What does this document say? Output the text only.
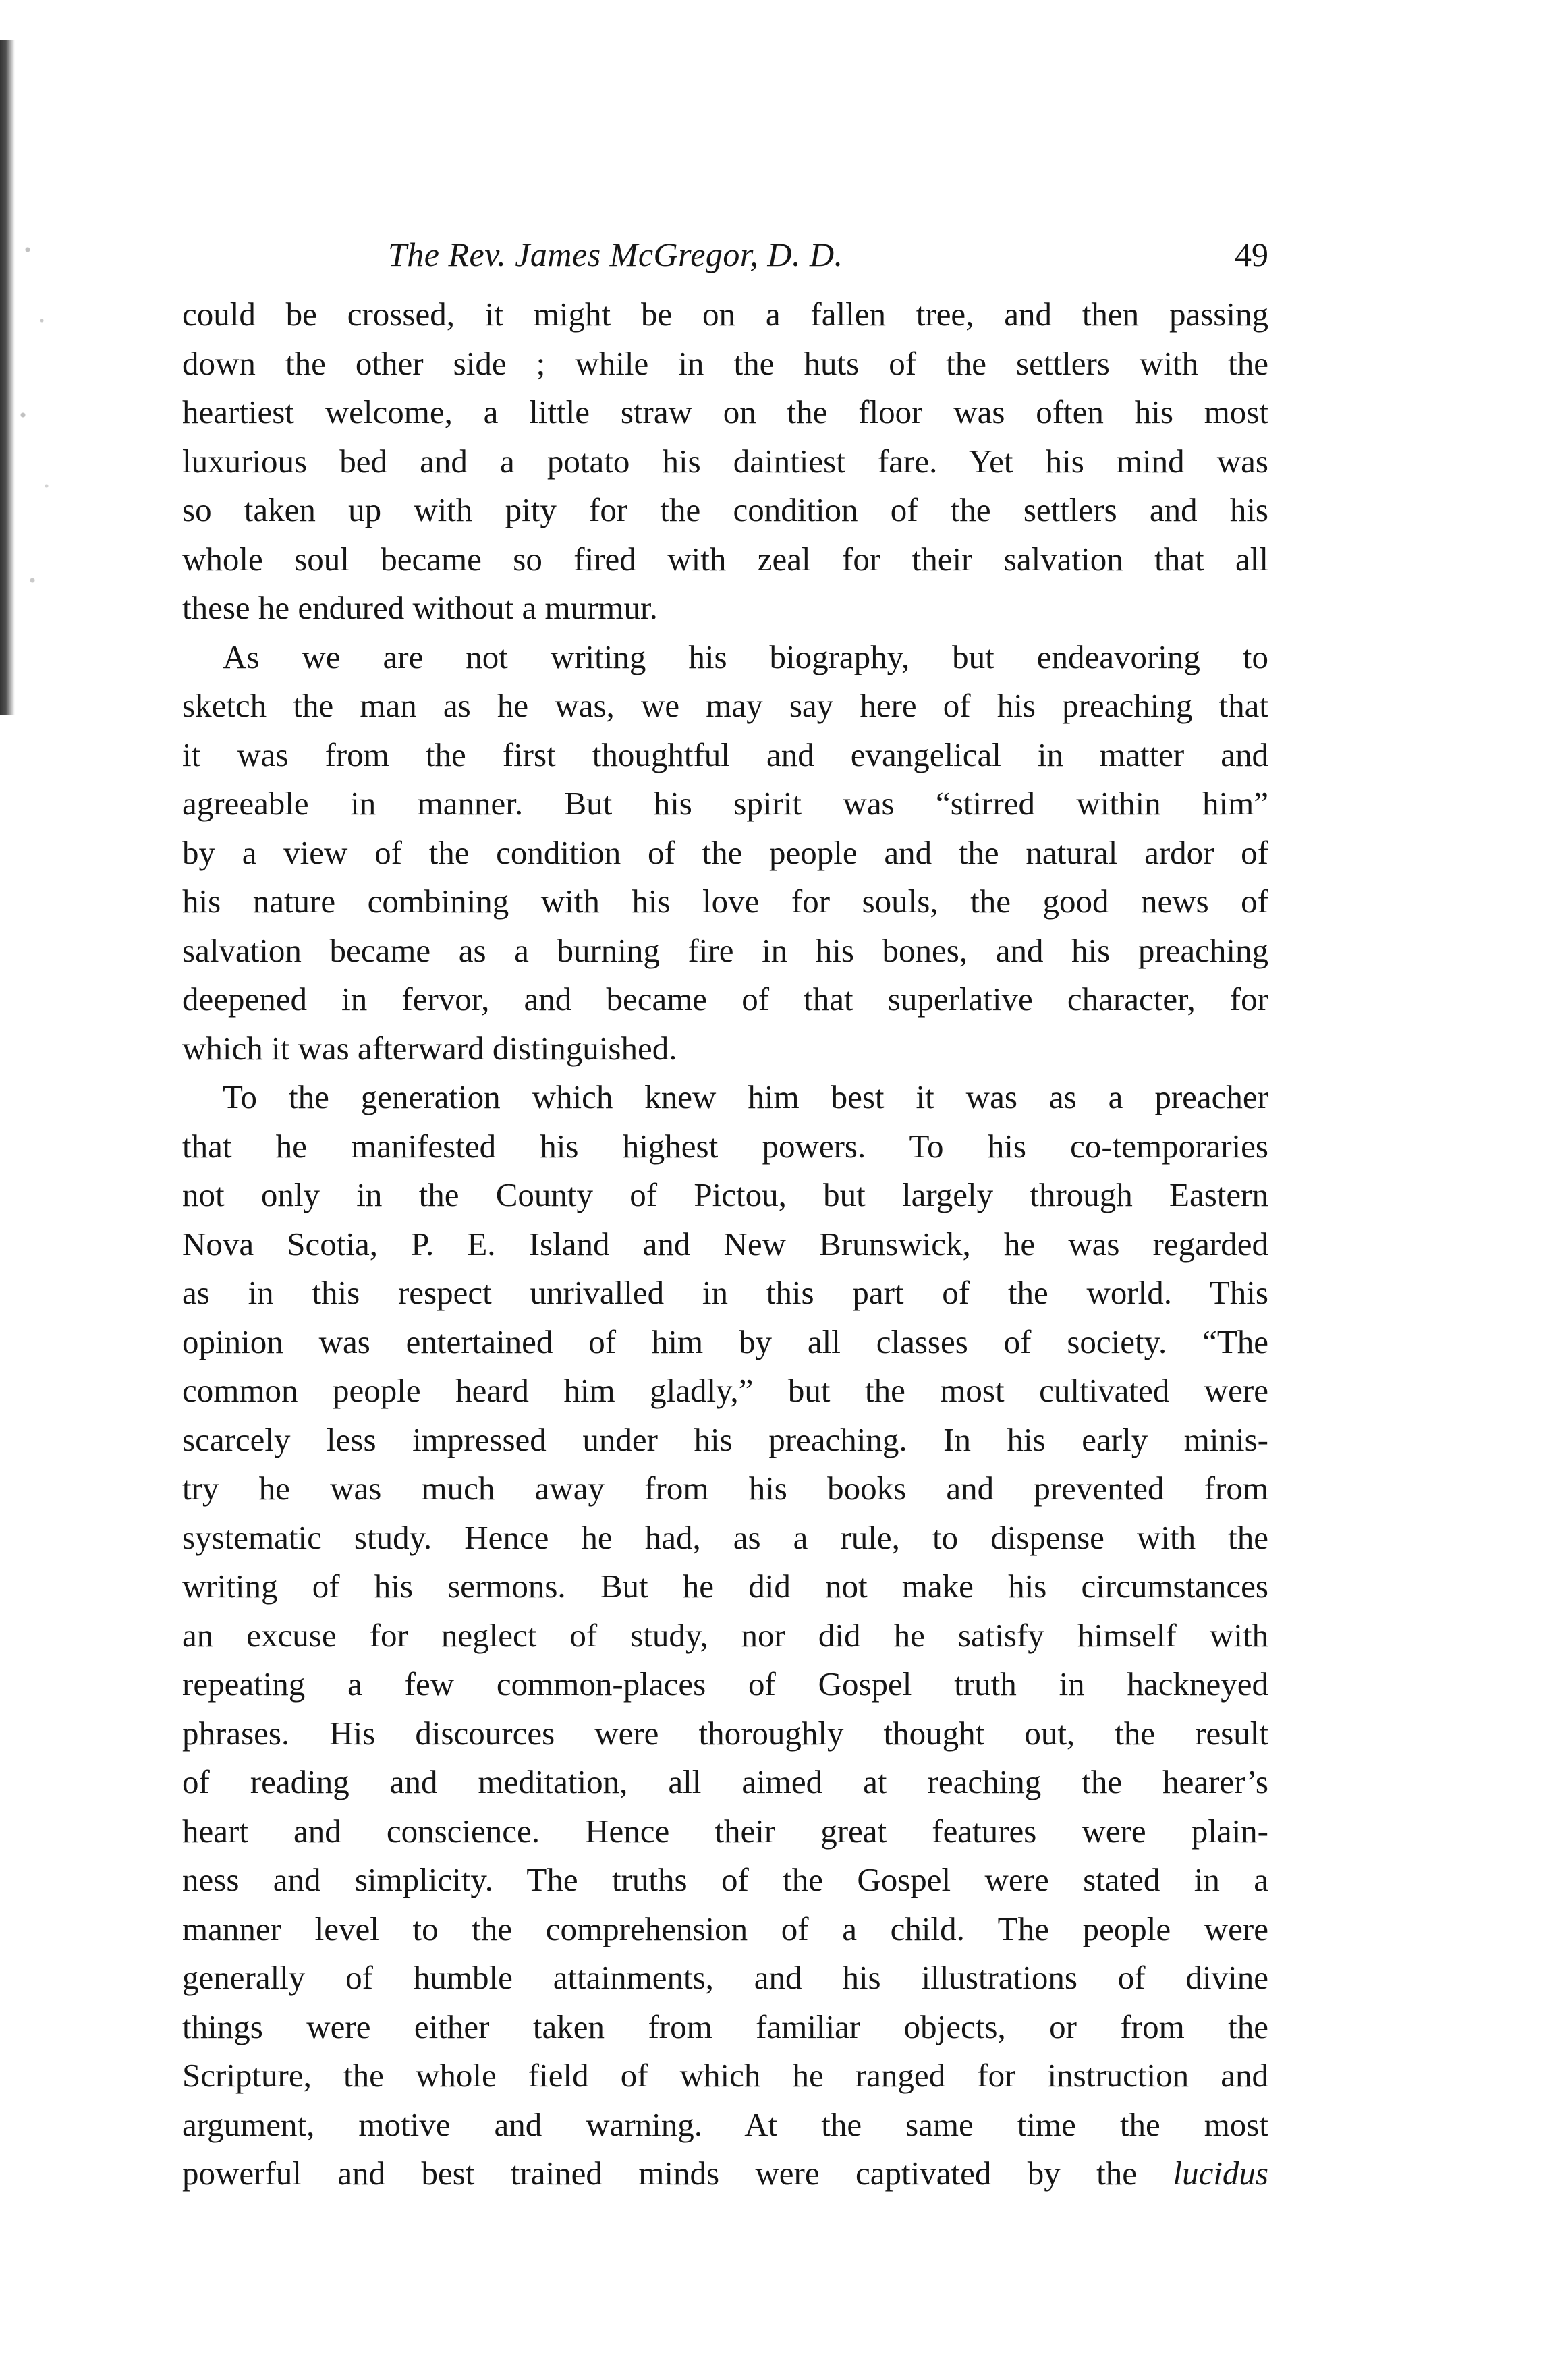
The Rev. James McGregor, D. D.	49
could be crossed, it might be on a fallen tree, and then passing
down the other side ; while in the huts of the settlers with the
heartiest welcome, a little straw on the floor was often his most
luxurious bed and a potato his daintiest fare. Yet his mind was
so taken up with pity for the condition of the settlers and his
whole soul became so fired with zeal for their salvation that all
these he endured without a murmur.
As we are not writing his biography, but endeavoring to
sketch the man as he was, we may say here of his preaching that
it was from the first thoughtful and evangelical in matter and
agreeable in manner. But his spirit was “stirred within him”
by a view of the condition of the people and the natural ardor of
his nature combining with his love for souls, the good news of
salvation became as a burning fire in his bones, and his preaching
deepened in fervor, and became of that superlative character, for
which it was afterward distinguished.
To the generation which knew him best it was as a preacher
that he manifested his highest powers. To his co-temporaries
not only in the County of Pictou, but largely through Eastern
Nova Scotia, P. E. Island and New Brunswick, he was regarded
as in this respect unrivalled in this part of the world. This
opinion was entertained of him by all classes of society. “The
common people heard him gladly,” but the most cultivated were
scarcely less impressed under his preaching. In his early minis-
try he was much away from his books and prevented from
systematic study. Hence he had, as a rule, to dispense with the
writing of his sermons. But he did not make his circumstances
an excuse for neglect of study, nor did he satisfy himself with
repeating a few common-places of Gospel truth in hackneyed
phrases. His discources were thoroughly thought out, the result
of reading and meditation, all aimed at reaching the hearer’s
heart and conscience. Hence their great features were plain-
ness and simplicity. The truths of the Gospel were stated in a
manner level to the comprehension of a child. The people were
generally of humble attainments, and his illustrations of divine
things were either taken from familiar objects, or from the
Scripture, the whole field of which he ranged for instruction and
argument, motive and warning. At the same time the most
powerful and best trained minds were captivated by the lucidus
